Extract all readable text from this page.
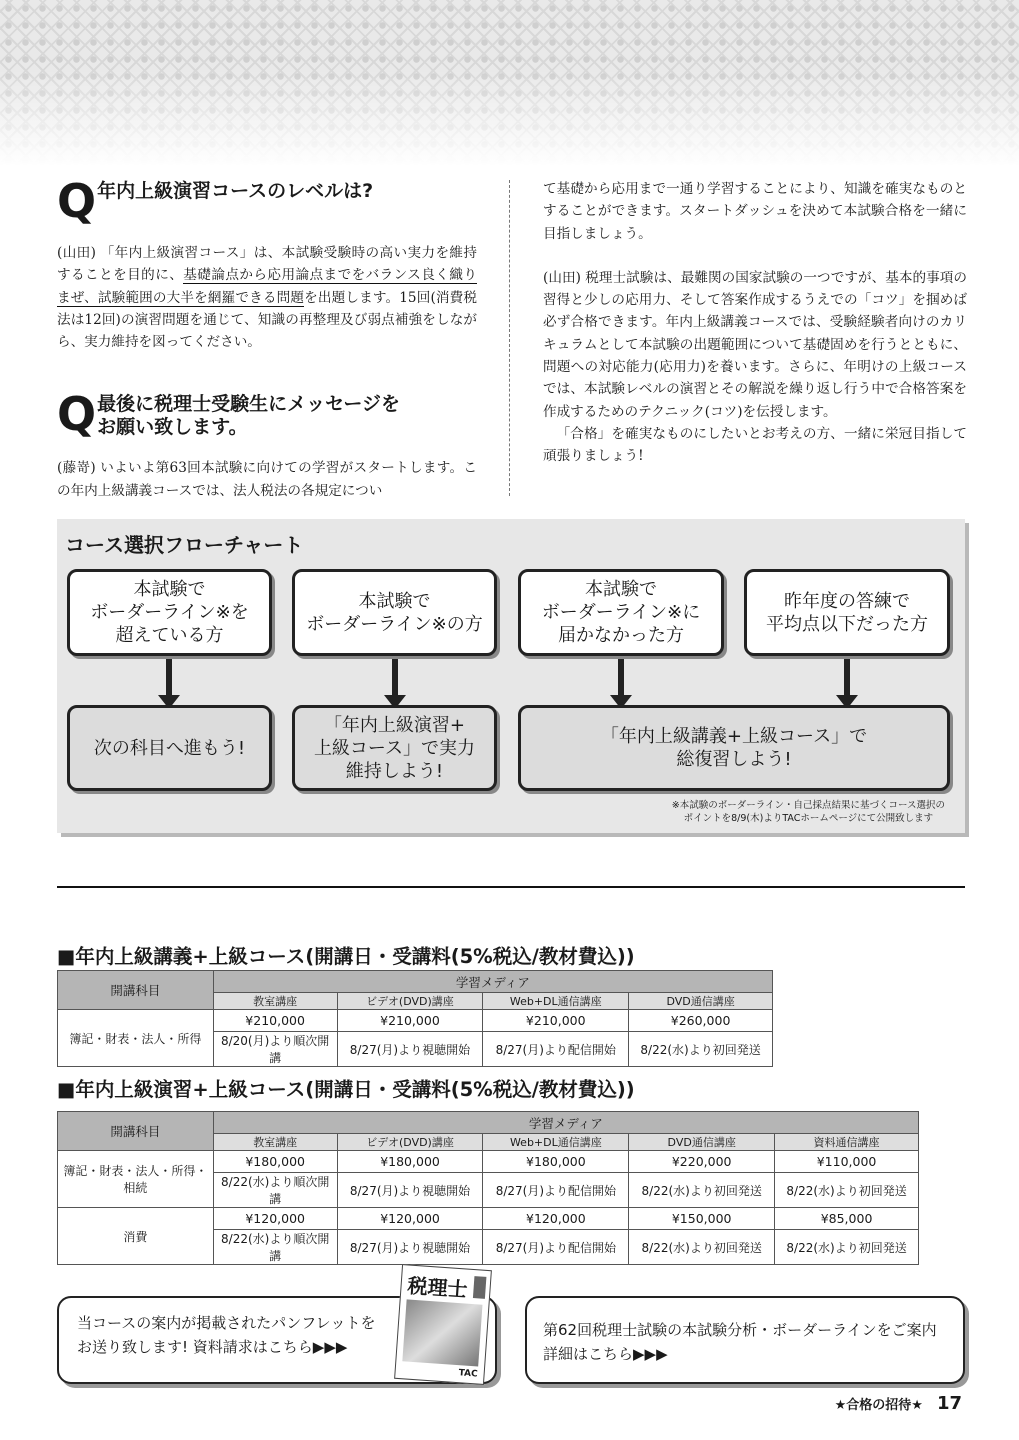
Q 年内上級演習コースのレベルは?

(山田) 「年内上級演習コース」は、本試験受験時の高い実力を維持することを目的に、基礎論点から応用論点までをバランス良く織りまぜ、試験範囲の大半を網羅できる問題を出題します。15回(消費税法は12回)の演習問題を通じて、知識の再整理及び弱点補強をしながら、実力維持を図ってください。

Q 最後に税理士受験生にメッセージを
お願い致します。

(藤嵜) いよいよ第63回本試験に向けての学習がスタートします。この年内上級講義コースでは、法人税法の各規定につい

て基礎から応用まで一通り学習することにより、知識を確実なものとすることができます。スタートダッシュを決めて本試験合格を一緒に目指しましょう。

(山田) 税理士試験は、最難関の国家試験の一つですが、基本的事項の習得と少しの応用力、そして答案作成するうえでの「コツ」を掴めば必ず合格できます。年内上級講義コースでは、受験経験者向けのカリキュラムとして本試験の出題範囲について基礎固めを行うとともに、問題への対応能力(応用力)を養います。さらに、年明けの上級コースでは、本試験レベルの演習とその解説を繰り返し行う中で合格答案を作成するためのテクニック(コツ)を伝授します。

「合格」を確実なものにしたいとお考えの方、一緒に栄冠目指して頑張りましょう!

コース選択フローチャート
本試験で
ボーダーライン※を
超えている方
本試験で
ボーダーライン※の方
本試験で
ボーダーライン※に
届かなかった方
昨年度の答練で
平均点以下だった方
次の科目へ進もう!
「年内上級演習+
上級コース」で実力
維持しよう!
「年内上級講義+上級コース」で
総復習しよう!
※本試験のボーダーライン・自己採点結果に基づくコース選択の
ポイントを8/9(木)よりTACホームページにて公開致します
■年内上級講義+上級コース(開講日・受講料(5%税込/教材費込))
開講科目	学習メディア			
	教室講座	ビデオ(DVD)講座	Web+DL通信講座	DVD通信講座
簿記・財表・法人・所得	¥210,000	¥210,000	¥210,000	¥260,000
	8/20(月)より順次開講	8/27(月)より視聴開始	8/27(月)より配信開始	8/22(水)より初回発送
■年内上級演習+上級コース(開講日・受講料(5%税込/教材費込))
開講科目	学習メディア				
	教室講座	ビデオ(DVD)講座	Web+DL通信講座	DVD通信講座	資料通信講座
簿記・財表・法人・所得・相続	¥180,000	¥180,000	¥180,000	¥220,000	¥110,000
	8/22(水)より順次開講	8/27(月)より視聴開始	8/27(月)より配信開始	8/22(水)より初回発送	8/22(水)より初回発送
消費	¥120,000	¥120,000	¥120,000	¥150,000	¥85,000
	8/22(水)より順次開講	8/27(月)より視聴開始	8/27(月)より配信開始	8/22(水)より初回発送	8/22(水)より初回発送
当コースの案内が掲載されたパンフレットを
お送り致します! 資料請求はこちら▶▶▶
税理士
TAC
第62回税理士試験の本試験分析・ボーダーラインをご案内
詳細はこちら▶▶▶
★合格の招待★ 17
